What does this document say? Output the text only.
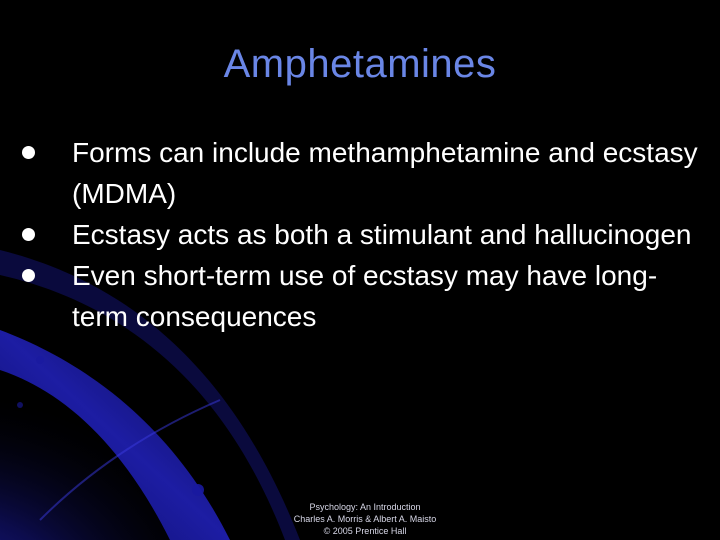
Amphetamines
Forms can include methamphetamine and ecstasy (MDMA)
Ecstasy acts as both a stimulant and hallucinogen
Even short-term use of ecstasy may have long-term consequences
Psychology: An Introduction
Charles A. Morris & Albert A. Maisto
© 2005 Prentice Hall
